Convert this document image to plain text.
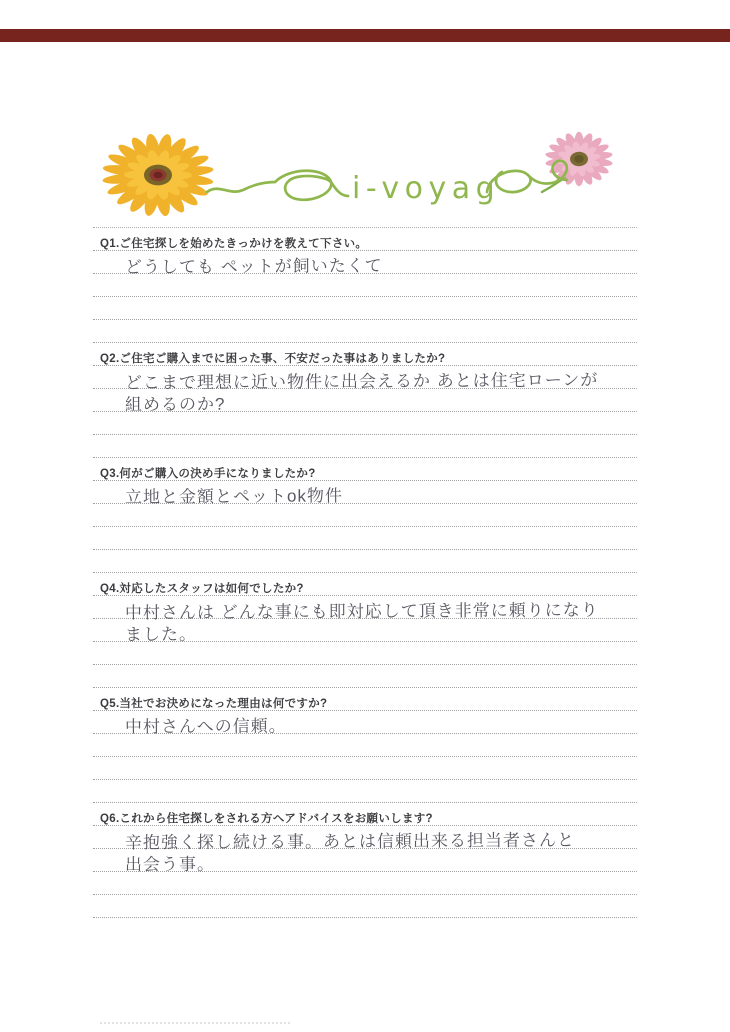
i-voyag
Q1.ご住宅探しを始めたきっかけを教えて下さい。
どうしても ペットが飼いたくて
Q2.ご住宅ご購入までに困った事、不安だった事はありましたか?
どこまで理想に近い物件に出会えるか あとは住宅ローンが
組めるのか?
Q3.何がご購入の決め手になりましたか?
立地と金額とペットok物件
Q4.対応したスタッフは如何でしたか?
中村さんは どんな事にも即対応して頂き非常に頼りになり
ました。
Q5.当社でお決めになった理由は何ですか?
中村さんへの信頼。
Q6.これから住宅探しをされる方へアドバイスをお願いします?
辛抱強く探し続ける事。あとは信頼出来る担当者さんと
出会う事。
